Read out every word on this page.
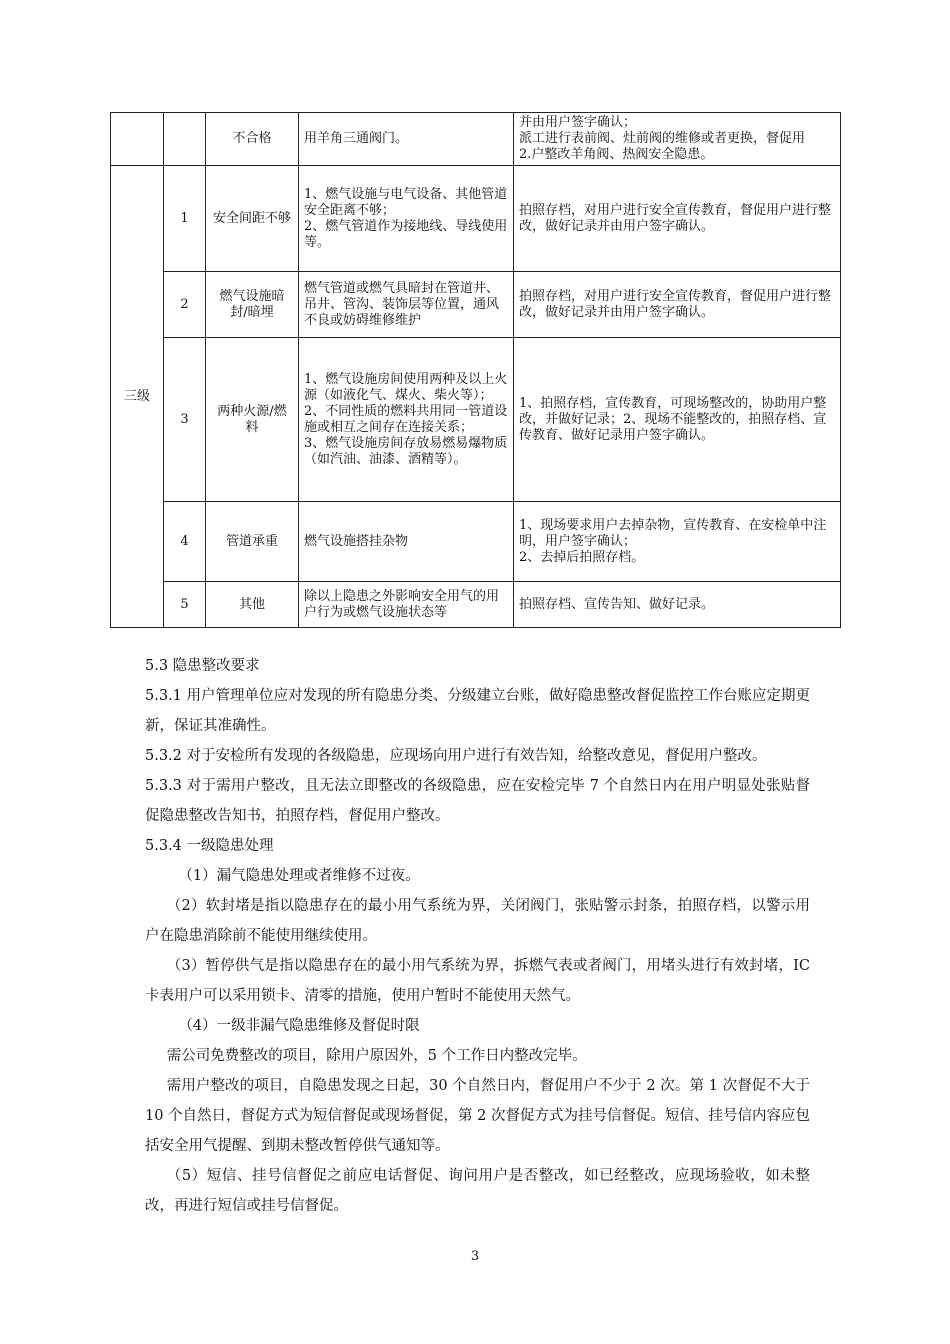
		不合格	用羊角三通阀门。	并由用户签字确认；
派工进行表前阀、灶前阀的维修或者更换，督促用
2.户整改羊角阀、热阀安全隐患。

三级	1	安全间距不够	1、燃气设施与电气设备、其他管道安全距离不够；
2、燃气管道作为接地线、导线使用等。	拍照存档，对用户进行安全宣传教育，督促用户进行整改，做好记录并由用户签字确认。

	2	燃气设施暗封/暗埋	燃气管道或燃气具暗封在管道井、吊井、管沟、装饰层等位置，通风不良或妨碍维修维护	拍照存档，对用户进行安全宣传教育，督促用户进行整改，做好记录并由用户签字确认。

	3	两种火源/燃料	1、燃气设施房间使用两种及以上火源（如液化气、煤火、柴火等）；
2、不同性质的燃料共用同一管道设施或相互之间存在连接关系；
3、燃气设施房间存放易燃易爆物质（如汽油、油漆、酒精等）。	1、拍照存档，宣传教育，可现场整改的，协助用户整改，并做好记录；2、现场不能整改的，拍照存档、宣传教育、做好记录用户签字确认。

	4	管道承重	燃气设施搭挂杂物	1、现场要求用户去掉杂物，宣传教育、在安检单中注明，用户签字确认；
2、去掉后拍照存档。

	5	其他	除以上隐患之外影响安全用气的用户行为或燃气设施状态等	拍照存档、宣传告知、做好记录。

5.3 隐患整改要求

5.3.1 用户管理单位应对发现的所有隐患分类、分级建立台账，做好隐患整改督促监控工作台账应定期更新，保证其准确性。

5.3.2 对于安检所有发现的各级隐患，应现场向用户进行有效告知，给整改意见，督促用户整改。

5.3.3 对于需用户整改，且无法立即整改的各级隐患，应在安检完毕 7 个自然日内在用户明显处张贴督促隐患整改告知书，拍照存档，督促用户整改。

5.3.4 一级隐患处理

（1）漏气隐患处理或者维修不过夜。

（2）软封堵是指以隐患存在的最小用气系统为界，关闭阀门，张贴警示封条，拍照存档，以警示用户在隐患消除前不能使用继续使用。

（3）暂停供气是指以隐患存在的最小用气系统为界，拆燃气表或者阀门，用堵头进行有效封堵，IC 卡表用户可以采用锁卡、清零的措施，使用户暂时不能使用天然气。

（4）一级非漏气隐患维修及督促时限

需公司免费整改的项目，除用户原因外，5 个工作日内整改完毕。

需用户整改的项目，自隐患发现之日起，30 个自然日内，督促用户不少于 2 次。第 1 次督促不大于 10 个自然日，督促方式为短信督促或现场督促，第 2 次督促方式为挂号信督促。短信、挂号信内容应包括安全用气提醒、到期未整改暂停供气通知等。

（5）短信、挂号信督促之前应电话督促、询问用户是否整改，如已经整改，应现场验收，如未整改，再进行短信或挂号信督促。

3
